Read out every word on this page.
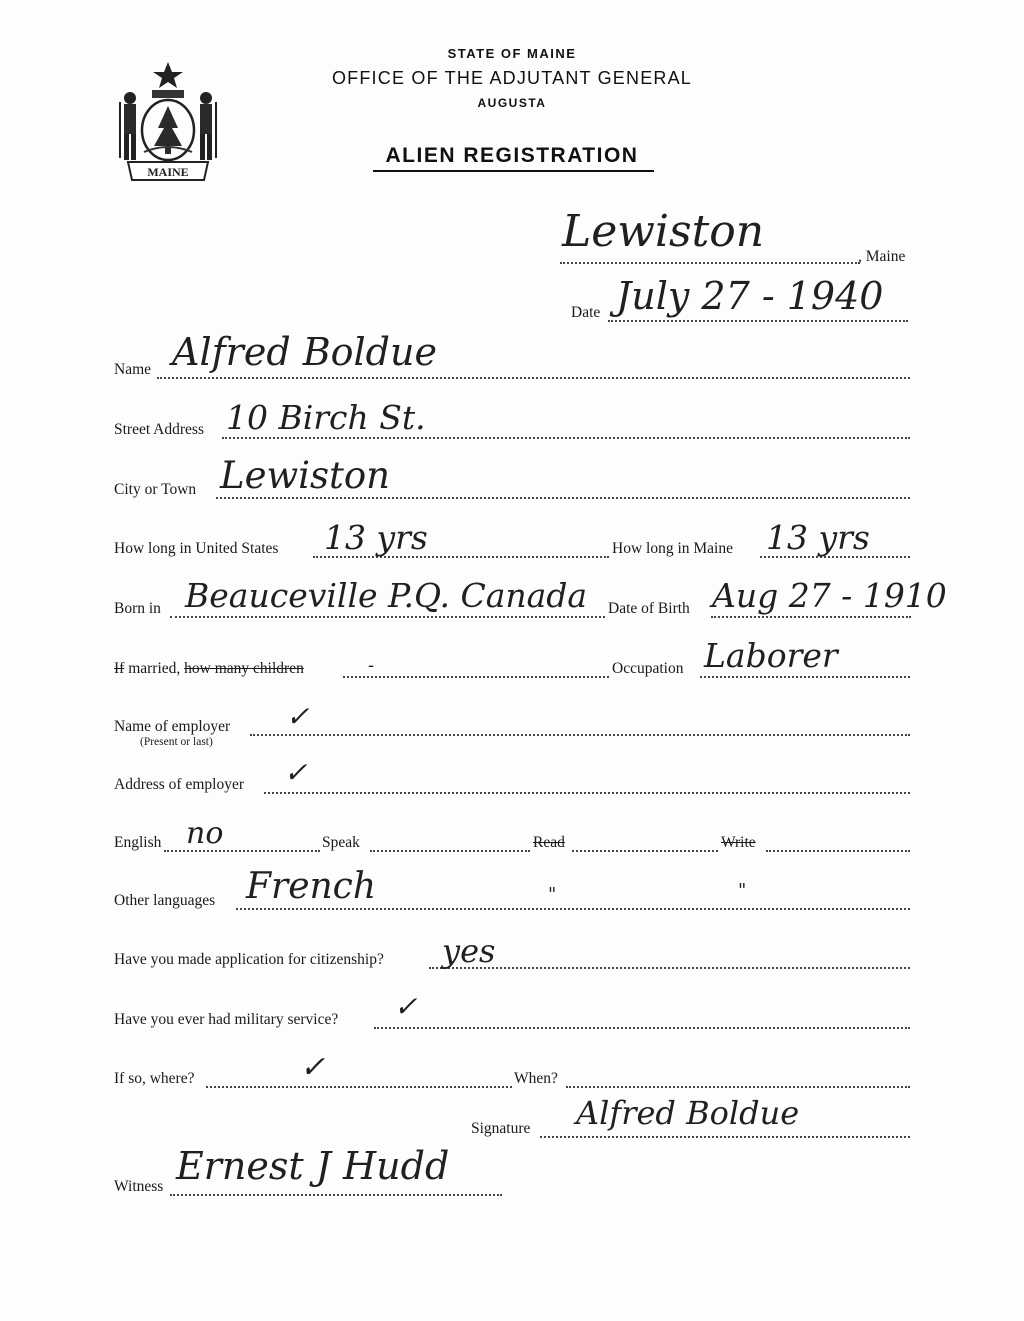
MAINE
STATE OF MAINE
OFFICE OF THE ADJUTANT GENERAL
AUGUSTA
ALIEN REGISTRATION
Lewiston	, Maine
Date July 27 - 1940
Name Alfred Boldue
Street Address 10 Birch St.
City or Town Lewiston
How long in United States 13 yrs	How long in Maine 13 yrs
Born in Beauceville P.Q. Canada Date of Birth Aug 27 - 1910
If married, how many children	-	Occupation Laborer
Name of employer
(Present or last)
✓
Address of employer ✓
English no	Speak	Read	Write
Other languages French	"	"
Have you made application for citizenship? yes
Have you ever had military service? ✓
If so, where?	✓	When?
Signature Alfred Boldue
Witness Ernest J Hudd
